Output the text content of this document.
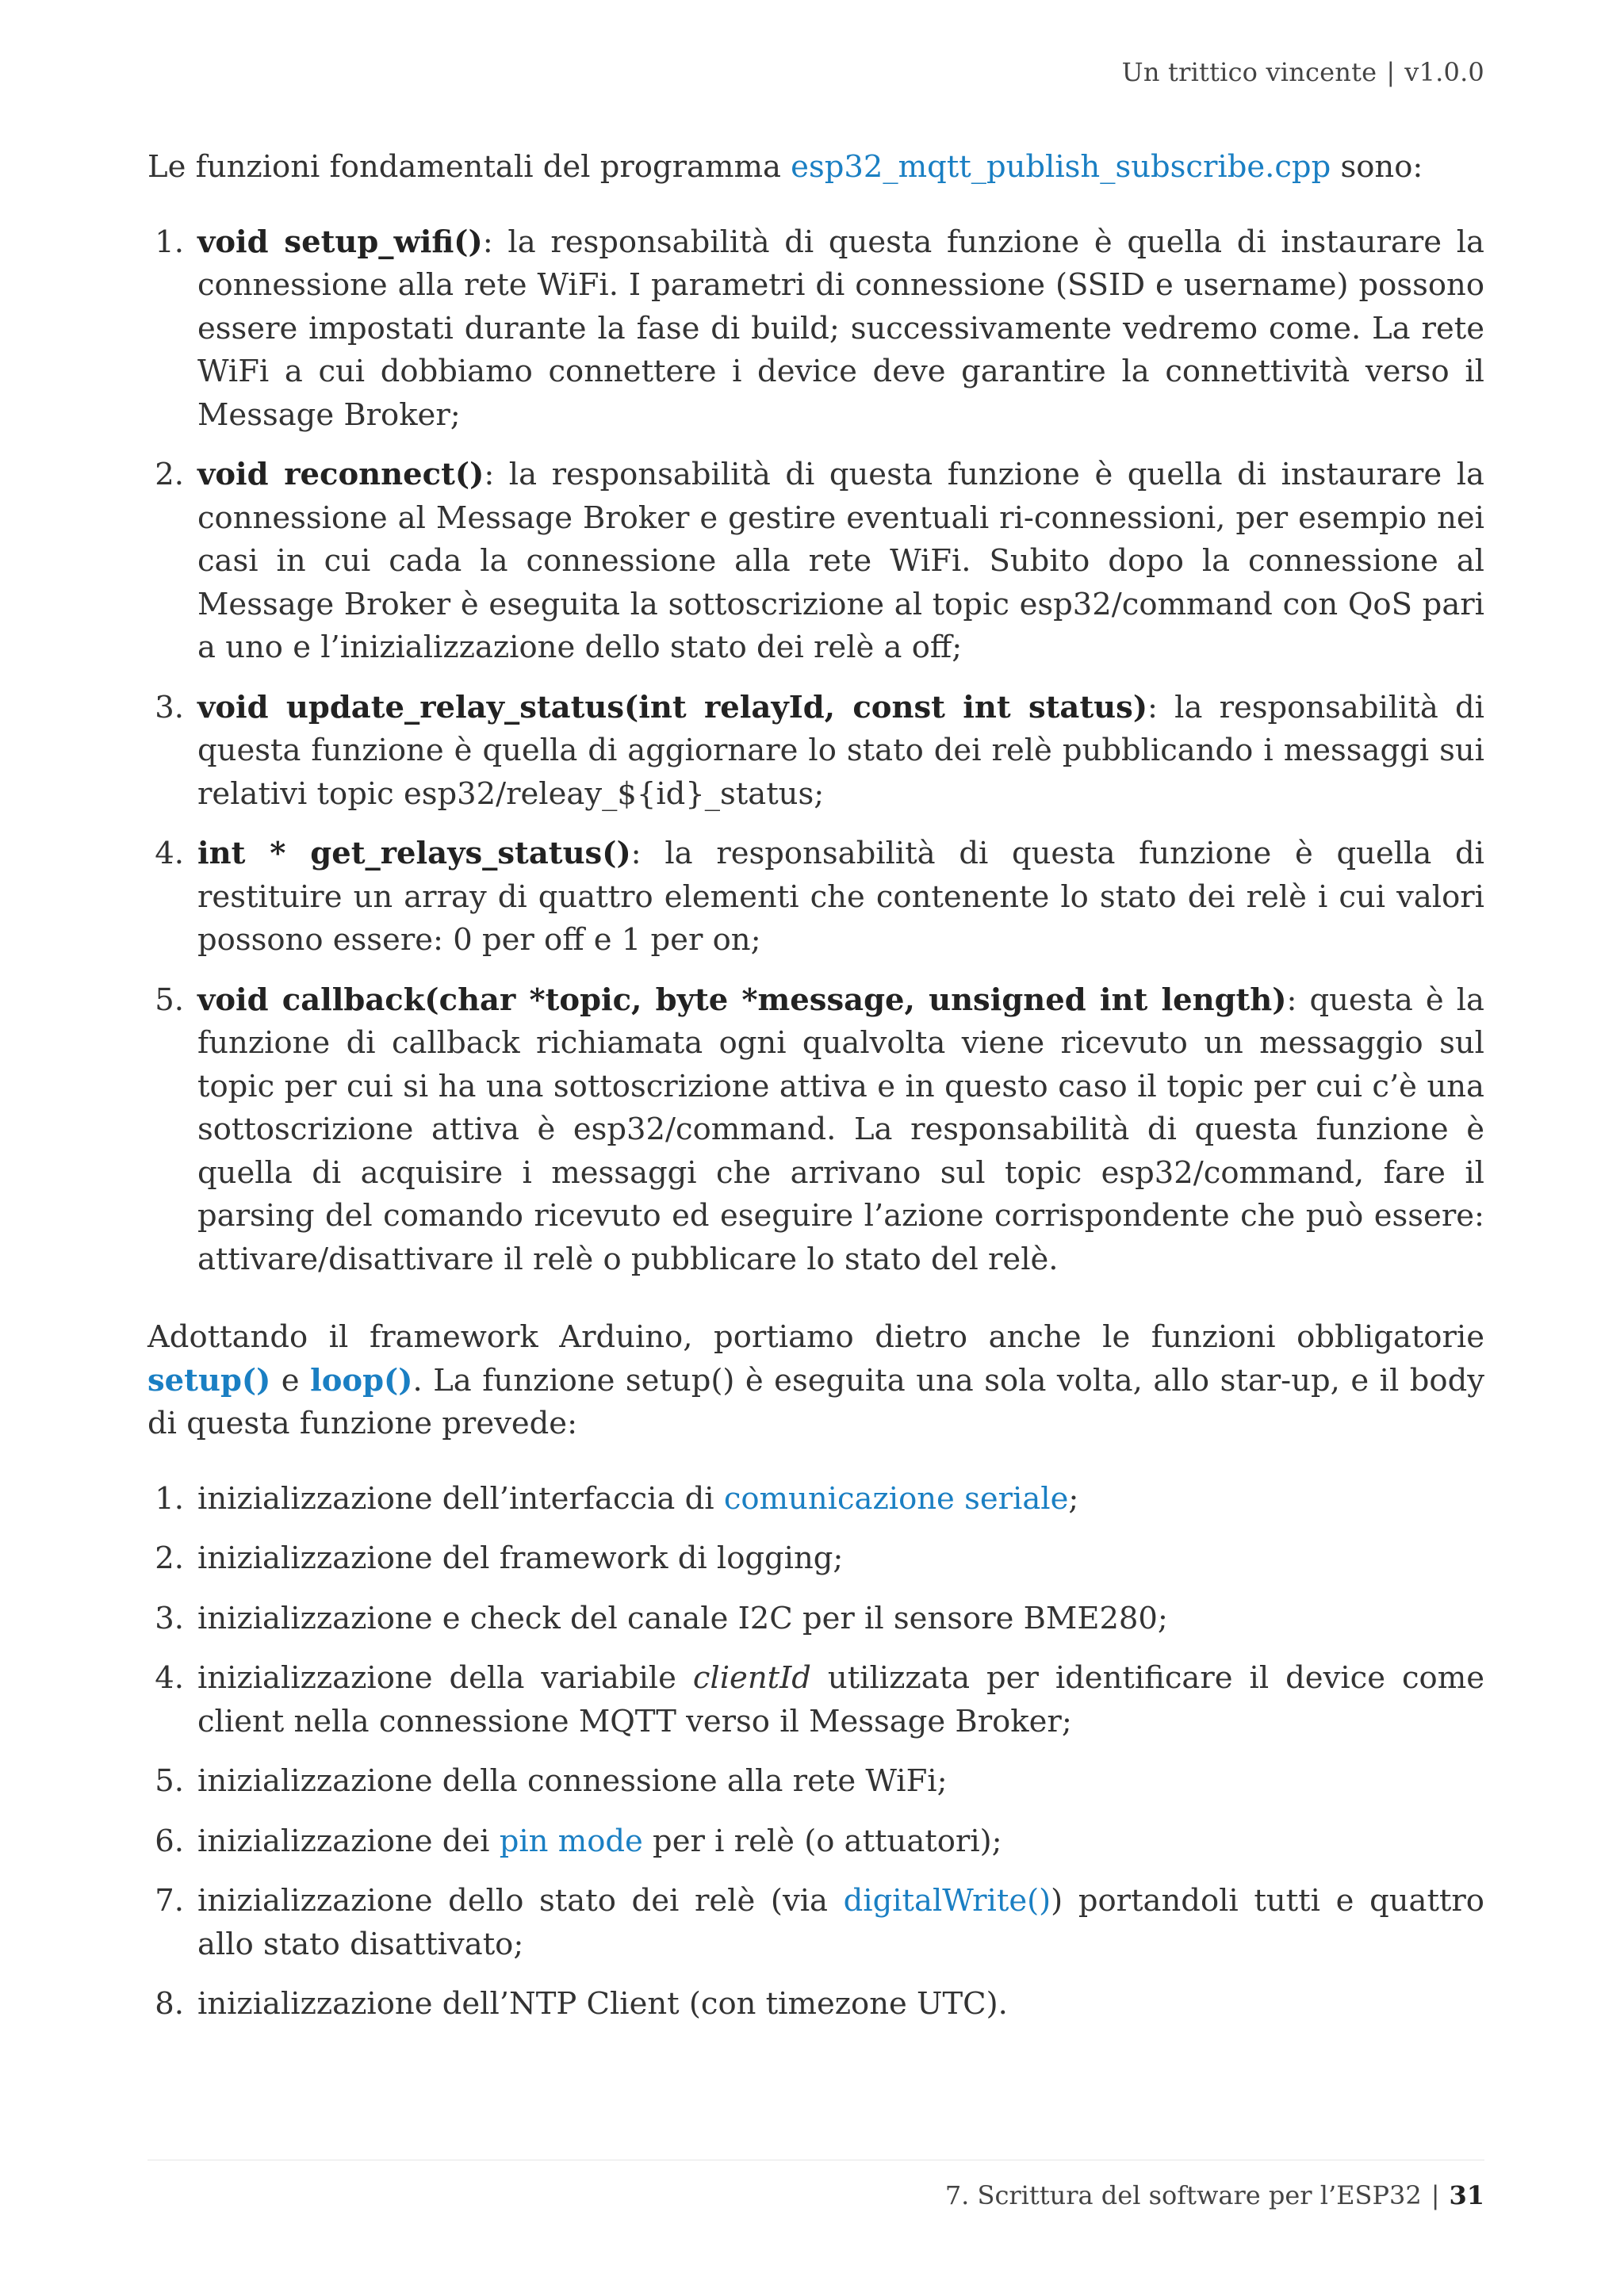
Un trittico vincente | v1.0.0

Le funzioni fondamentali del programma esp32_mqtt_publish_subscribe.cpp sono:

1. void setup_wifi(): la responsabilità di questa funzione è quella di instaurare la connessione alla rete WiFi. I parametri di connessione (SSID e username) possono essere impostati durante la fase di build; successivamente vedremo come. La rete WiFi a cui dobbiamo connettere i device deve garantire la connettività verso il Message Broker;
2. void reconnect(): la responsabilità di questa funzione è quella di instaurare la connessione al Message Broker e gestire eventuali ri-connessioni, per esempio nei casi in cui cada la connessione alla rete WiFi. Subito dopo la connessione al Message Broker è eseguita la sottoscrizione al topic esp32/command con QoS pari a uno e l’inizializzazione dello stato dei relè a off;
3. void update_relay_status(int relayId, const int status): la responsabilità di questa funzione è quella di aggiornare lo stato dei relè pubblicando i messaggi sui relativi topic esp32/releay_${id}_status;
4. int * get_relays_status(): la responsabilità di questa funzione è quella di restituire un array di quattro elementi che contenente lo stato dei relè i cui valori possono essere: 0 per off e 1 per on;
5. void callback(char *topic, byte *message, unsigned int length): questa è la funzione di callback richiamata ogni qualvolta viene ricevuto un messaggio sul topic per cui si ha una sottoscrizione attiva e in questo caso il topic per cui c’è una sottoscrizione attiva è esp32/command. La responsabilità di questa funzione è quella di acquisire i messaggi che arrivano sul topic esp32/command, fare il parsing del comando ricevuto ed eseguire l’azione corrispondente che può essere: attivare/disattivare il relè o pubblicare lo stato del relè.

Adottando il framework Arduino, portiamo dietro anche le funzioni obbligatorie setup() e loop(). La funzione setup() è eseguita una sola volta, allo star-up, e il body di questa funzione prevede:

1. inizializzazione dell’interfaccia di comunicazione seriale;
2. inizializzazione del framework di logging;
3. inizializzazione e check del canale I2C per il sensore BME280;
4. inizializzazione della variabile clientId utilizzata per identificare il device come client nella connessione MQTT verso il Message Broker;
5. inizializzazione della connessione alla rete WiFi;
6. inizializzazione dei pin mode per i relè (o attuatori);
7. inizializzazione dello stato dei relè (via digitalWrite()) portandoli tutti e quattro allo stato disattivato;
8. inizializzazione dell’NTP Client (con timezone UTC).
7. Scrittura del software per l’ESP32 | 31
